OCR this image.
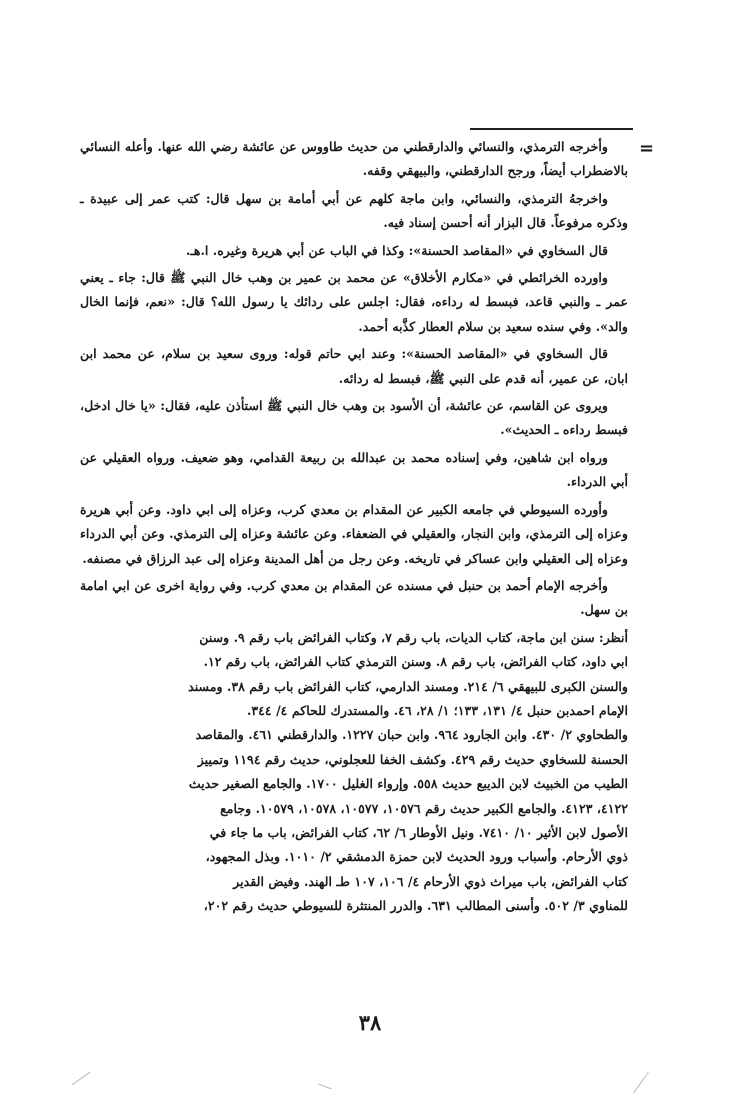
=

وأخرجه الترمذي، والنسائي والدارقطني من حديث طاووس عن عائشة رضي الله عنها. وأعله النسائي بالاضطراب أيضاً، ورجح الدارقطني، والبيهقي وقفه.

واخرجهُ الترمذي، والنسائي، وابن ماجة كلهم عن أبي أمامة بن سهل قال: كتب عمر إلى عبيدة ـ وذكره مرفوعاً. قال البزار أنه أحسن إسناد فيه.

قال السخاوي في «المقاصد الحسنة»: وكذا في الباب عن أبي هريرة وغيره. ا.هـ.

واورده الخرائطي في «مكارم الأخلاق» عن محمد بن عمير بن وهب خال النبي ﷺ قال: جاء ـ يعني عمر ـ والنبي قاعد، فبسط له رداءه، فقال: اجلس على ردائك يا رسول الله؟ قال: «نعم، فإنما الخال والد». وفي سنده سعيد بن سلام العطار كذَّبه أحمد.

قال السخاوي في «المقاصد الحسنة»: وعند ابي حاتم قوله: وروى سعيد بن سلام، عن محمد ابن ابان، عن عمير، أنه قدم على النبي ﷺ، فبسط له ردائه.

ويروى عن القاسم، عن عائشة، أن الأسود بن وهب خال النبي ﷺ استأذن عليه، فقال: «يا خال ادخل، فبسط رداءه ـ الحديث».

ورواه ابن شاهين، وفي إسناده محمد بن عبدالله بن ربيعة القدامي، وهو ضعيف. ورواه العقيلي عن أبي الدرداء.

وأورده السيوطي في جامعه الكبير عن المقدام بن معدي كرب، وعزاه إلى ابي داود. وعن أبي هريرة وعزاه إلى الترمذي، وابن النجار، والعقيلي في الضعفاء. وعن عائشة وعزاه إلى الترمذي. وعن أبي الدرداء وعزاه إلى العقيلي وابن عساكر في تاريخه. وعن رجل من أهل المدينة وعزاه إلى عبد الرزاق في مصنفه.

وأخرجه الإمام أحمد بن حنبل في مسنده عن المقدام بن معدي كرب. وفي رواية اخرى عن ابي امامة بن سهل.

أنظر: سنن ابن ماجة، كتاب الديات، باب رقم ٧، وكتاب الفرائض باب رقم ٩. وسنن
ابي داود، كتاب الفرائض، باب رقم ٨. وسنن الترمذي كتاب الفرائض، باب رقم ١٢.
والسنن الكبرى للبيهقي ٦/ ٢١٤. ومسند الدارمي، كتاب الفرائض باب رقم ٣٨. ومسند
الإمام احمدبن حنبل ٤/ ١٣١، ١٣٣؛ ١/ ٢٨، ٤٦. والمستدرك للحاكم ٤/ ٣٤٤.
والطحاوي ٢/ ٤٣٠. وابن الجارود ٩٦٤. وابن حبان ١٢٢٧. والدارقطني ٤٦١. والمقاصد
الحسنة للسخاوي حديث رقم ٤٢٩. وكشف الخفا للعجلوني، حديث رقم ١١٩٤ وتمييز
الطيب من الخبيث لابن الديبع حديث ٥٥٨. وإرواء الغليل ١٧٠٠. والجامع الصغير حديث
٤١٢٢، ٤١٢٣. والجامع الكبير حديث رقم ١٠٥٧٦، ١٠٥٧٧، ١٠٥٧٨، ١٠٥٧٩. وجامع
الأصول لابن الأثير ١٠/ ٧٤١٠. ونيل الأوطار ٦/ ٦٢، كتاب الفرائض، باب ما جاء في
ذوي الأرحام. وأسباب ورود الحديث لابن حمزة الدمشقي ٢/ ١٠١٠. وبذل المجهود،
كتاب الفرائض، باب ميراث ذوي الأرحام ٤/ ١٠٦، ١٠٧ طـ الهند. وفيض القدير
للمناوي ٣/ ٥٠٢. وأسنى المطالب ٦٣١. والدرر المنتثرة للسيوطي حديث رقم ٢٠٢،
٣٨
